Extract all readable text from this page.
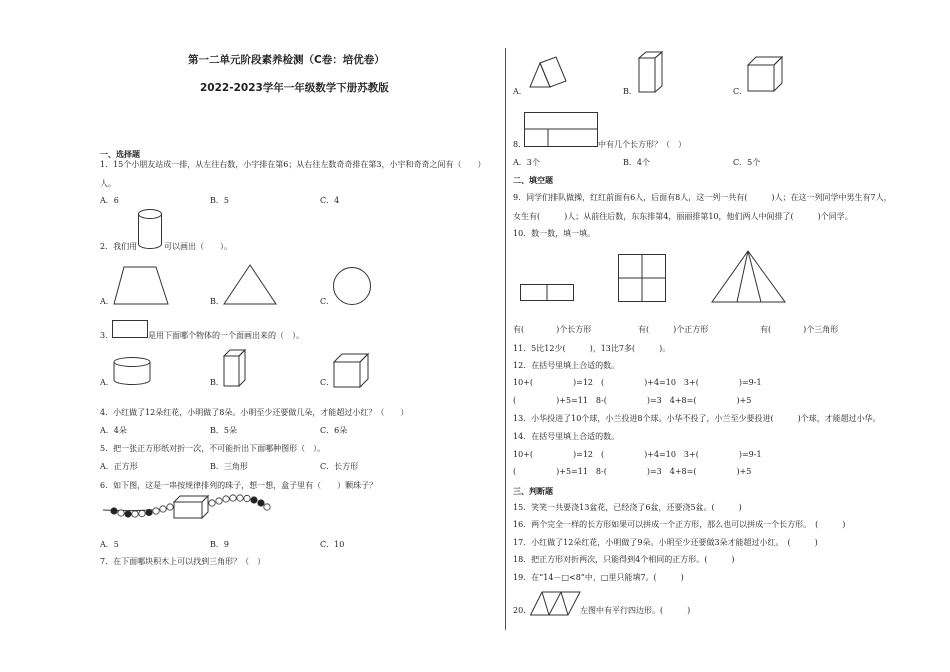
第一二单元阶段素养检测（C卷：培优卷）
2022-2023学年一年级数学下册苏教版
一、选择题
1．15个小朋友站成一排，从左往右数，小宇排在第6；从右往左数奇奇排在第3，小宇和奇奇之间有（　　）
人。
A．6	B．5	C．4
2．我们用	可以画出（　　）。
A．	B．	C．
3．	是用下面哪个物体的一个面画出来的（　）。
A．	B．	C．
4．小红做了12朵红花，小明做了8朵。小明至少还要做几朵，才能超过小红？（　　）
A．4朵	B．5朵	C．6朵
5．把一张正方形纸对折一次，不可能折出下面哪种图形（　）。
A．正方形	B．三角形	C．长方形
6．如下图，这是一串按规律排列的珠子，想一想，盒子里有（　　）颗珠子？
A．5	B．9	C．10
7．在下面哪块积木上可以找到三角形？（　）
A．	B．	C．
8．	中有几个长方形？（　）
A．3个	B．4个	C．5个
二、填空题
9．同学们排队做操，红红前面有6人，后面有8人，这一列一共有(　　　)人；在这一列同学中男生有7人，
女生有(　　　)人；从前往后数，东东排第4，丽丽排第10，他们两人中间排了(　　　)个同学。
10．数一数，填一填。
有(　　　　)个长方形	有(　　　)个正方形	有(　　　　)个三角形
11．5比12少(　　　)，13比7多(　　　)。
12．在括号里填上合适的数。
10+(　　　　　)=12　(　　　　　)+4=10　3+(　　　　　)=9-1
(　　　　　)+5=11　8-(　　　　　)=3　4+8=(　　　　　)+5
13．小华投进了10个球，小兰投进8个球。小华不投了，小兰至少要投进(　　　)个球，才能超过小华。
14．在括号里填上合适的数。
10+(　　　　　)=12　(　　　　　)+4=10　3+(　　　　　)=9-1
(　　　　　)+5=11　8-(　　　　　)=3　4+8=(　　　　　)+5
三、判断题
15．笑笑一共要浇13盆花，已经浇了6盆，还要浇5盆。(　　　)
16．两个完全一样的长方形如果可以拼成一个正方形，那么也可以拼成一个长方形。　(　　　)
17．小红做了12朵红花，小明做了9朵。小明至少还要做3朵才能超过小红。　(　　　)
18．把正方形对折两次，只能得到4个相同的正方形。(　　　)
19．在“14－□<8”中，□里只能填7。(　　　)
20．	左图中有平行四边形。(　　　)
